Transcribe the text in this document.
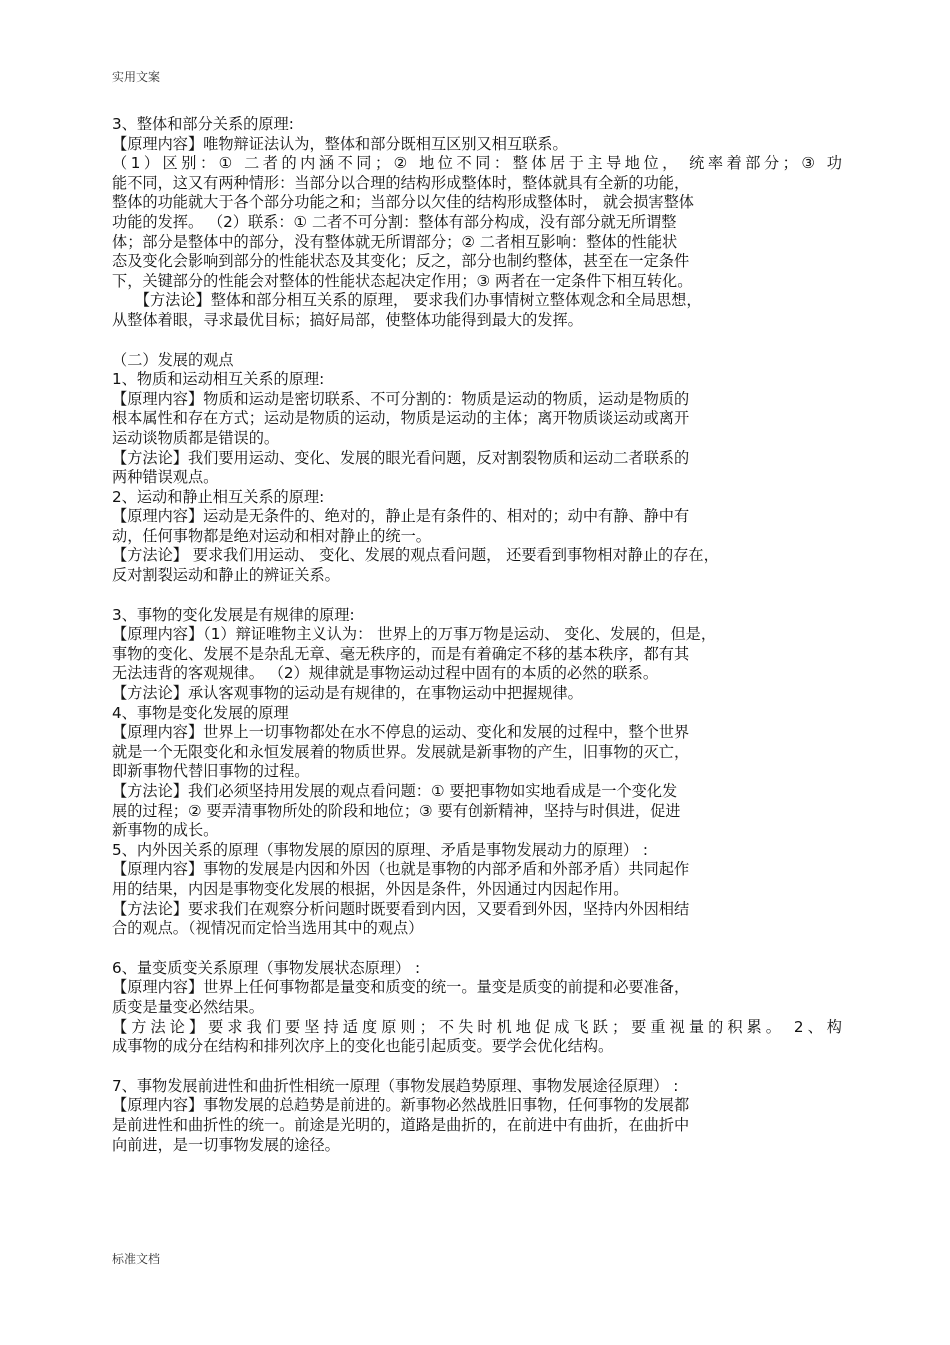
实用文案
3、整体和部分关系的原理:
【原理内容】唯物辩证法认为，整体和部分既相互区别又相互联系。
（1）区别：① 二者的内涵不同；② 地位不同：整体居于主导地位， 统率着部分；③ 功
能不同，这又有两种情形：当部分以合理的结构形成整体时，整体就具有全新的功能，
整体的功能就大于各个部分功能之和；当部分以欠佳的结构形成整体时， 就会损害整体
功能的发挥。 （2）联系：① 二者不可分割：整体有部分构成，没有部分就无所谓整
体；部分是整体中的部分，没有整体就无所谓部分；② 二者相互影响：整体的性能状
态及变化会影响到部分的性能状态及其变化；反之，部分也制约整体，甚至在一定条件
下，关键部分的性能会对整体的性能状态起决定作用；③ 两者在一定条件下相互转化。
　　【方法论】整体和部分相互关系的原理， 要求我们办事情树立整体观念和全局思想，
从整体着眼，寻求最优目标；搞好局部，使整体功能得到最大的发挥。
（二）发展的观点
1、物质和运动相互关系的原理:
【原理内容】物质和运动是密切联系、不可分割的：物质是运动的物质，运动是物质的
根本属性和存在方式；运动是物质的运动，物质是运动的主体；离开物质谈运动或离开
运动谈物质都是错误的。
【方法论】我们要用运动、变化、发展的眼光看问题，反对割裂物质和运动二者联系的
两种错误观点。
2、运动和静止相互关系的原理:
【原理内容】运动是无条件的、绝对的，静止是有条件的、相对的；动中有静、静中有
动，任何事物都是绝对运动和相对静止的统一。
【方法论】 要求我们用运动、 变化、发展的观点看问题， 还要看到事物相对静止的存在，
反对割裂运动和静止的辨证关系。
3、事物的变化发展是有规律的原理:
【原理内容】（1）辩证唯物主义认为： 世界上的万事万物是运动、 变化、发展的，但是，
事物的变化、发展不是杂乱无章、毫无秩序的，而是有着确定不移的基本秩序，都有其
无法违背的客观规律。 （2）规律就是事物运动过程中固有的本质的必然的联系。
【方法论】承认客观事物的运动是有规律的，在事物运动中把握规律。
4、事物是变化发展的原理
【原理内容】世界上一切事物都处在水不停息的运动、变化和发展的过程中，整个世界
就是一个无限变化和永恒发展着的物质世界。发展就是新事物的产生，旧事物的灭亡，
即新事物代替旧事物的过程。
【方法论】我们必须坚持用发展的观点看问题：① 要把事物如实地看成是一个变化发
展的过程；② 要弄清事物所处的阶段和地位；③ 要有创新精神，坚持与时俱进，促进
新事物的成长。
5、内外因关系的原理（事物发展的原因的原理、矛盾是事物发展动力的原理） :
【原理内容】事物的发展是内因和外因（也就是事物的内部矛盾和外部矛盾）共同起作
用的结果，内因是事物变化发展的根据，外因是条件，外因通过内因起作用。
【方法论】要求我们在观察分析问题时既要看到内因，又要看到外因，坚持内外因相结
合的观点。（视情况而定恰当选用其中的观点）
6、量变质变关系原理（事物发展状态原理） :
【原理内容】世界上任何事物都是量变和质变的统一。量变是质变的前提和必要准备，
质变是量变必然结果。
【方法论】要求我们要坚持适度原则；不失时机地促成飞跃；要重视量的积累。 2、构
成事物的成分在结构和排列次序上的变化也能引起质变。要学会优化结构。
7、事物发展前进性和曲折性相统一原理（事物发展趋势原理、事物发展途径原理） :
【原理内容】事物发展的总趋势是前进的。新事物必然战胜旧事物，任何事物的发展都
是前进性和曲折性的统一。前途是光明的，道路是曲折的，在前进中有曲折，在曲折中
向前进，是一切事物发展的途径。
标准文档
